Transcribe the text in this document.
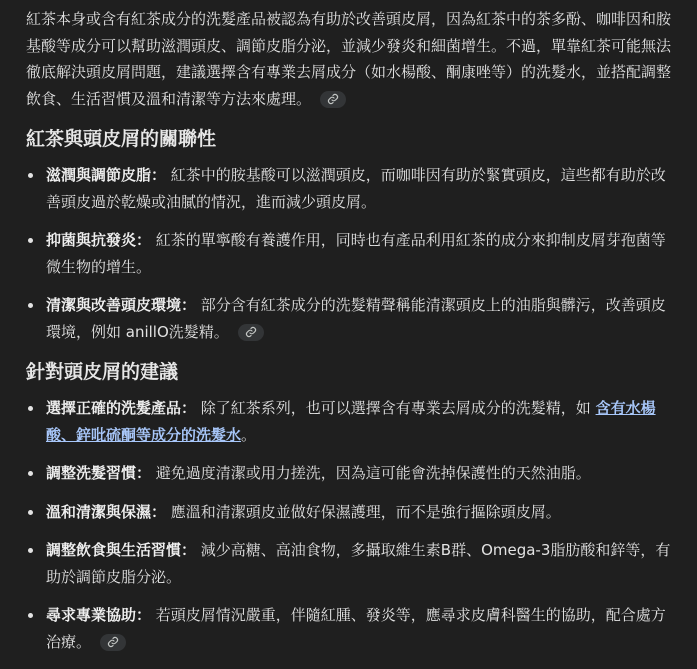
紅茶本身或含有紅茶成分的洗髮產品被認為有助於改善頭皮屑，因為紅茶中的茶多酚、咖啡因和胺基酸等成分可以幫助滋潤頭皮、調節皮脂分泌，並減少發炎和細菌增生。不過，單靠紅茶可能無法徹底解決頭皮屑問題，建議選擇含有專業去屑成分（如水楊酸、酮康唑等）的洗髮水，並搭配調整飲食、生活習慣及溫和清潔等方法來處理。

紅茶與頭皮屑的關聯性
滋潤與調節皮脂： 紅茶中的胺基酸可以滋潤頭皮，而咖啡因有助於緊實頭皮，這些都有助於改善頭皮過於乾燥或油膩的情況，進而減少頭皮屑。
抑菌與抗發炎： 紅茶的單寧酸有養護作用，同時也有產品利用紅茶的成分來抑制皮屑芽孢菌等微生物的增生。
清潔與改善頭皮環境： 部分含有紅茶成分的洗髮精聲稱能清潔頭皮上的油脂與髒污，改善頭皮環境，例如 anillO洗髮精。
針對頭皮屑的建議
選擇正確的洗髮產品： 除了紅茶系列，也可以選擇含有專業去屑成分的洗髮精，如 含有水楊酸、鋅吡硫酮等成分的洗髮水。
調整洗髮習慣： 避免過度清潔或用力搓洗，因為這可能會洗掉保護性的天然油脂。
溫和清潔與保濕： 應溫和清潔頭皮並做好保濕護理，而不是強行摳除頭皮屑。
調整飲食與生活習慣： 減少高糖、高油食物，多攝取維生素B群、Omega-3脂肪酸和鋅等，有助於調節皮脂分泌。
尋求專業協助： 若頭皮屑情況嚴重，伴隨紅腫、發炎等，應尋求皮膚科醫生的協助，配合處方治療。
